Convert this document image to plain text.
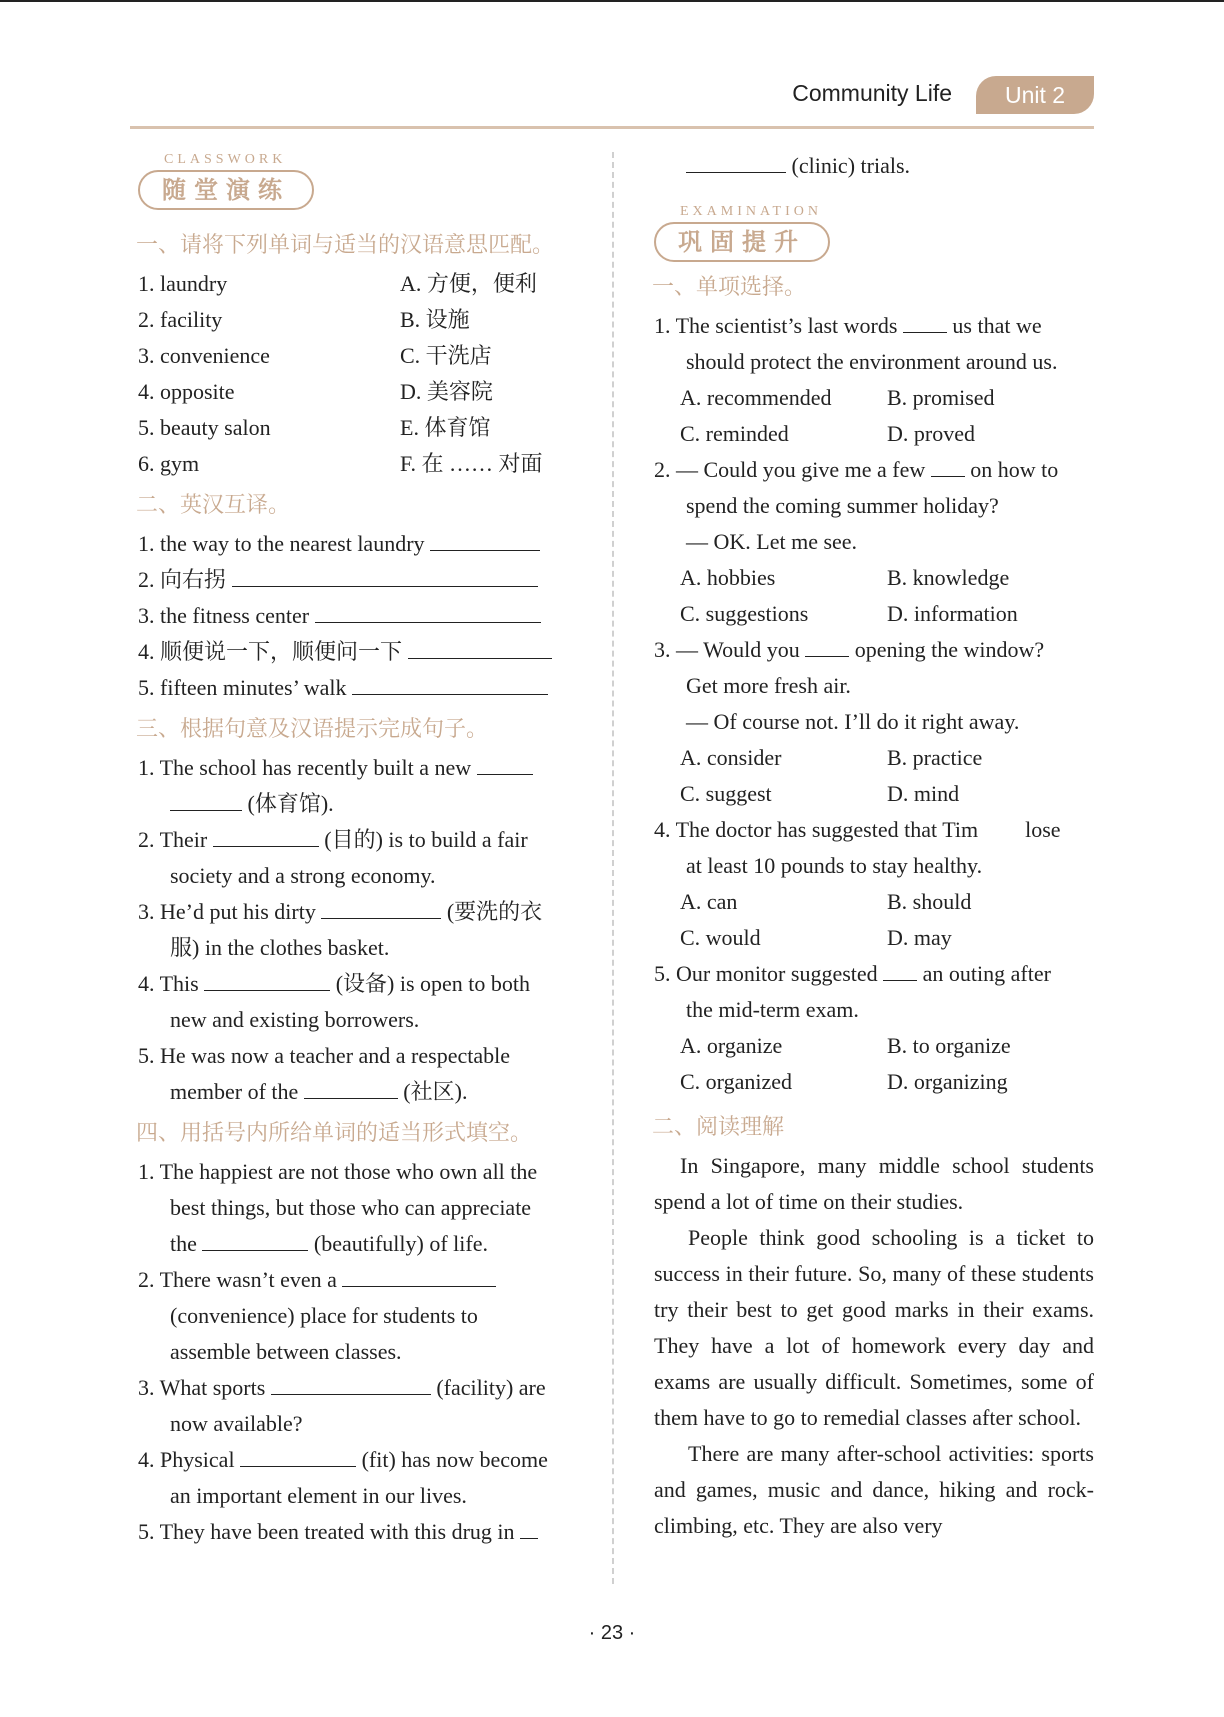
Community Life	Unit 2
CLASSWORK
随堂演练
一、请将下列单词与适当的汉语意思匹配。
1. laundry	A. 方便，便利
2. facility	B. 设施
3. convenience	C. 干洗店
4. opposite	D. 美容院
5. beauty salon	E. 体育馆
6. gym	F. 在 …… 对面
二、英汉互译。
1. the way to the nearest laundry
2. 向右拐
3. the fitness center
4. 顺便说一下，顺便问一下
5. fifteen minutes’ walk
三、根据句意及汉语提示完成句子。
1. The school has recently built a new
(体育馆).
2. Their	(目的) is to build a fair
society and a strong economy.
3. He’d put his dirty	(要洗的衣
服) in the clothes basket.
4. This	(设备) is open to both
new and existing borrowers.
5. He was now a teacher and a respectable
member of the	(社区).
四、用括号内所给单词的适当形式填空。
1. The happiest are not those who own all the
best things, but those who can appreciate
the	(beautifully) of life.
2. There wasn’t even a
(convenience) place for students to
assemble between classes.
3. What sports	(facility) are
now available?
4. Physical	(fit) has now become
an important element in our lives.
5. They have been treated with this drug in
(clinic) trials.
EXAMINATION
巩固提升
一、单项选择。
1. The scientist’s last words	us that we
should protect the environment around us.
A. recommended	B. promised
C. reminded	D. proved
2. — Could you give me a few on how to
spend the coming summer holiday?
— OK. Let me see.
A. hobbies	B. knowledge
C. suggestions	D. information
3. — Would you	opening the window?
Get more fresh air.
— Of course not. I’ll do it right away.
A. consider	B. practice
C. suggest	D. mind
4. The doctor has suggested that Tim lose
at least 10 pounds to stay healthy.
A. can	B. should
C. would	D. may
5. Our monitor suggested an outing after
the mid-term exam.
A. organize	B. to organize
C. organized	D. organizing
二、阅读理解
In Singapore, many middle school students spend a lot of time on their studies.
People think good schooling is a ticket to success in their future. So, many of these students try their best to get good marks in their exams. They have a lot of homework every day and exams are usually difficult. Sometimes, some of them have to go to remedial classes after school.
There are many after-school activities: sports and games, music and dance, hiking and rock-climbing, etc. They are also very
· 23 ·
